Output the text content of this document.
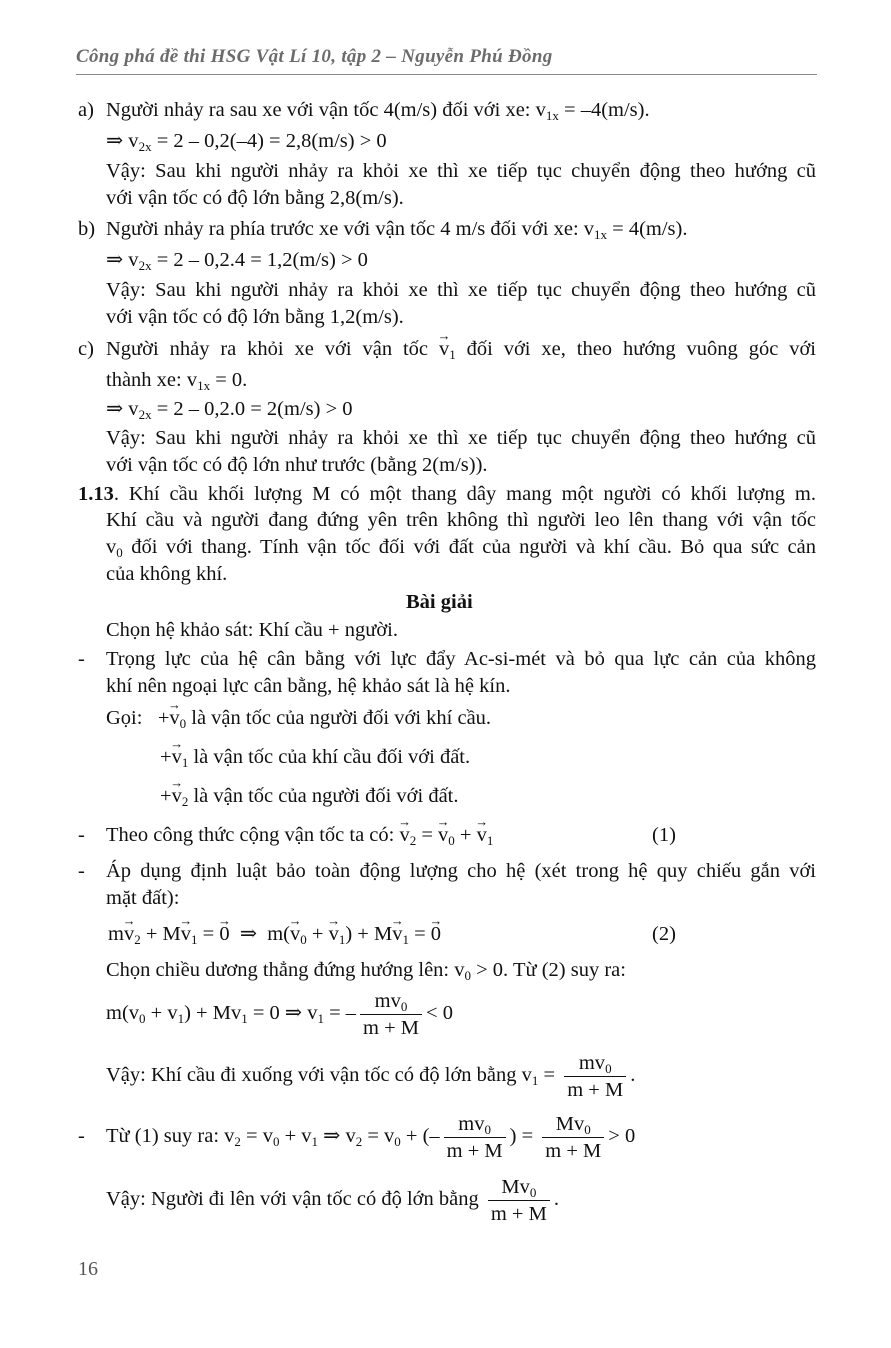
Công phá đề thi HSG Vật Lí 10, tập 2 – Nguyễn Phú Đồng
a) Người nhảy ra sau xe với vận tốc 4(m/s) đối với xe: $v_{1x} = -4(m/s)$.
⇒ $v_{2x} = 2 - 0,2(-4) = 2,8(m/s) > 0$
Vậy: Sau khi người nhảy ra khỏi xe thì xe tiếp tục chuyển động theo hướng cũ
với vận tốc có độ lớn bằng 2,8(m/s).
b) Người nhảy ra phía trước xe với vận tốc 4 m/s đối với xe: $v_{1x} = 4(m/s)$.
⇒ $v_{2x} = 2 - 0,2.4 = 1,2(m/s) > 0$
Vậy: Sau khi người nhảy ra khỏi xe thì xe tiếp tục chuyển động theo hướng cũ
với vận tốc có độ lớn bằng 1,2(m/s).
c) Người nhảy ra khỏi xe với vận tốc → $v_1$ đối với xe, theo hướng vuông góc với
thành xe: $v_{1x} = 0$.
⇒ $v_{2x} = 2 - 0,2.0 = 2(m/s) > 0$
Vậy: Sau khi người nhảy ra khỏi xe thì xe tiếp tục chuyển động theo hướng cũ
với vận tốc có độ lớn như trước (bằng 2(m/s)).
1.13. Khí cầu khối lượng M có một thang dây mang một người có khối lượng m.
Khí cầu và người đang đứng yên trên không thì người leo lên thang với vận tốc
$v_0$ đối với thang. Tính vận tốc đối với đất của người và khí cầu. Bỏ qua sức cản
của không khí.
Bài giải
Chọn hệ khảo sát: Khí cầu + người.
- Trọng lực của hệ cân bằng với lực đẩy Ac-si-mét và bỏ qua lực cản của không
khí nên ngoại lực cân bằng, hệ khảo sát là hệ kín.
Gọi: +→ $v_0$ là vận tốc của người đối với khí cầu.
+→ $v_1$ là vận tốc của khí cầu đối với đất.
+→ $v_2$ là vận tốc của người đối với đất.
- Theo công thức cộng vận tốc ta có: → $v_2$ = → $v_0$ + → $v_1$	(1)
- Áp dụng định luật bảo toàn động lượng cho hệ (xét trong hệ quy chiếu gắn với
mặt đất):
$m\to v_2 + M\to v_1$ = → 0  ⇒  $m(\to v_0$ + → $v_1) + M\to v_1$ = → 0	(2)
Chọn chiều dương thẳng đứng hướng lên: $v_0 > 0$. Từ (2) suy ra:
$m(v_0 + v_1) + Mv_1 = 0$ ⇒ $v_1$ = – $\frac{mv_0}{m + M} < 0$
Vậy: Khí cầu đi xuống với vận tốc có độ lớn bằng $v_1 = \frac{mv_0}{m + M}$ .
- Từ (1) suy ra: $v_2 = v_0 + v_1$ ⇒ $v_2 = v_0$ + (– $\frac{mv_0}{m + M}$ ) = $\frac{Mv_0}{m + M} > 0$
Vậy: Người đi lên với vận tốc có độ lớn bằng $\frac{Mv_0}{m + M}$ .
16
